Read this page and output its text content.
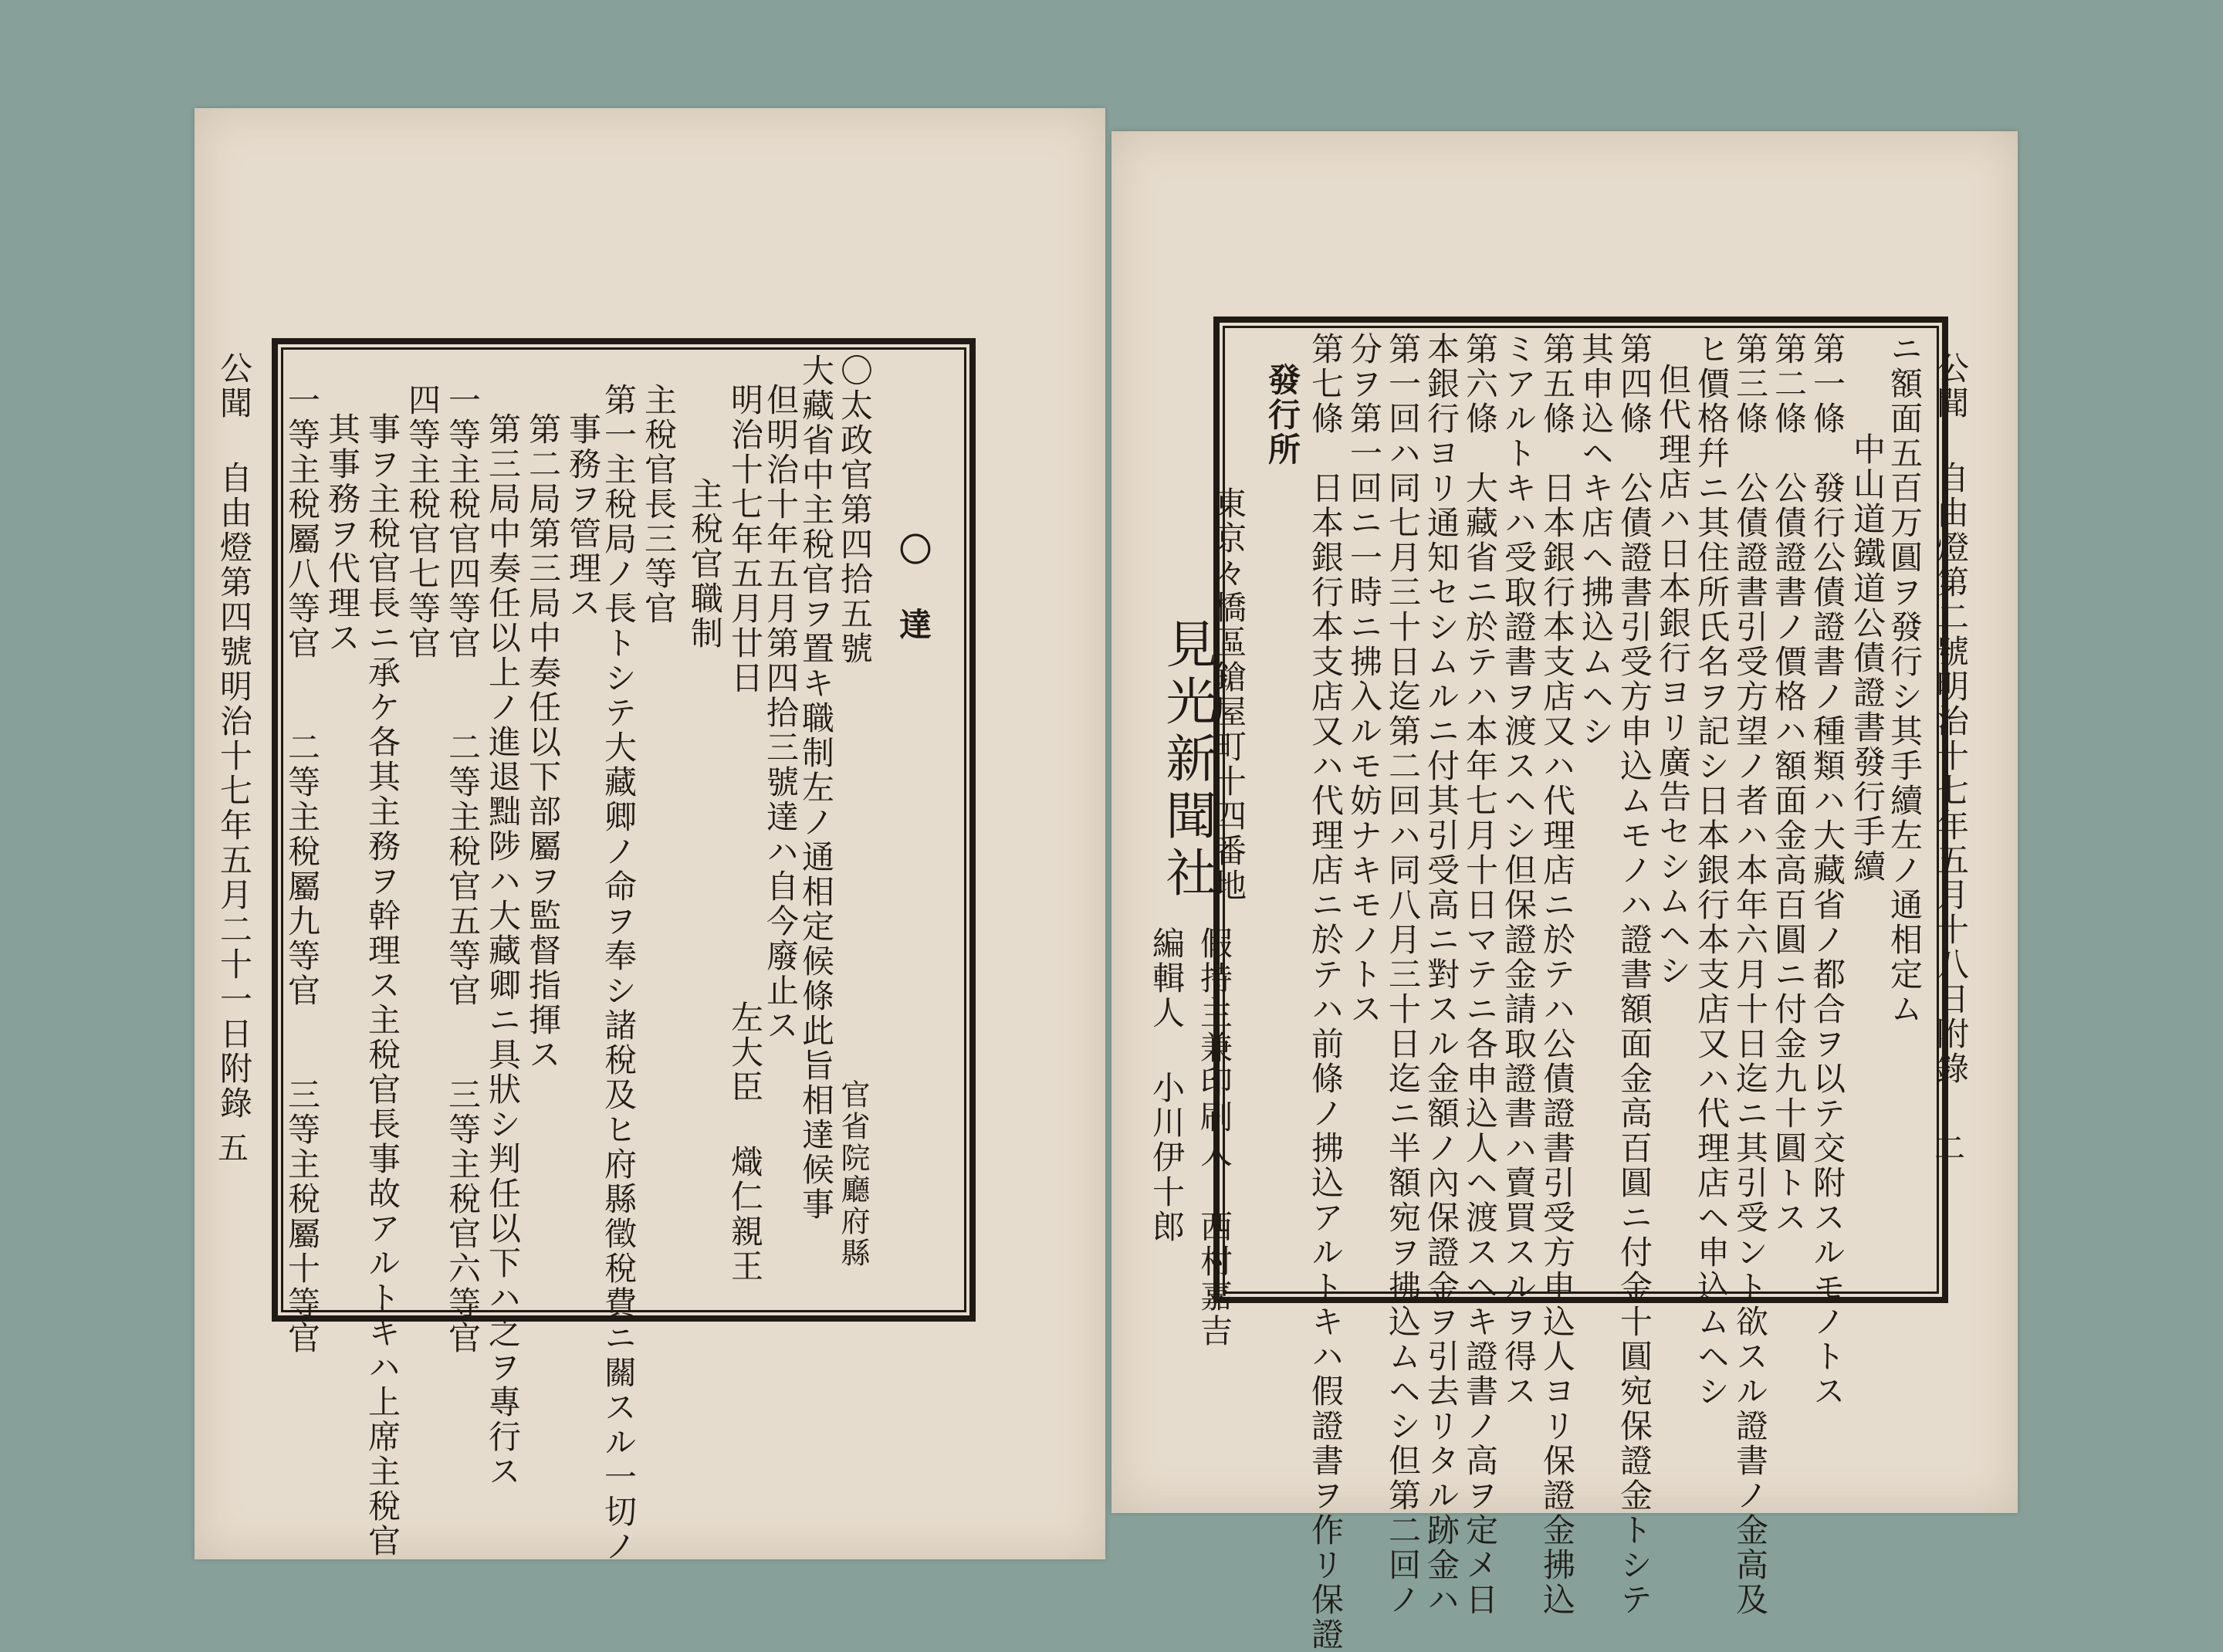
公聞 自由燈第四號明治十七年五月二十一日附錄
五
〇 達
〇太政官第四拾五號
大藏省中主稅官ヲ置キ職制左ノ通相定候條此旨相達候事
但明治十年五月第四拾三號達ハ自今廢止ス
明治十七年五月廿日
官省院廳府縣
左大臣 熾仁親王
主稅官職制
主稅官長三等官
第一主稅局ノ長トシテ大藏卿ノ命ヲ奉シ諸稅及ヒ府縣徵稅費ニ關スル一切ノ
事務ヲ管理ス
第二局第三局中奏任以下部屬ヲ監督指揮ス
第三局中奏任以上ノ進退黜陟ハ大藏卿ニ具狀シ判任以下ハ之ヲ專行ス
一等主稅官四等官　　二等主稅官五等官　　三等主稅官六等官
四等主稅官七等官
事ヲ主稅官長ニ承ケ各其主務ヲ幹理ス主稅官長事故アルトキハ上席主稅官
其事務ヲ代理ス
一等主稅屬八等官　　二等主稅屬九等官　　三等主稅屬十等官	公聞 自由燈第二號明治十七年五月十八日附錄
二
ニ額面五百万圓ヲ發行シ其手續左ノ通相定ム
中山道鐵道公債證書發行手續
第一條　發行公債證書ノ種類ハ大藏省ノ都合ヲ以テ交附スルモノトス
第二條　公債證書ノ價格ハ額面金高百圓ニ付金九十圓トス
第三條　公債證書引受方望ノ者ハ本年六月十日迄ニ其引受ント欲スル證書ノ金高及
ヒ價格幷ニ其住所氏名ヲ記シ日本銀行本支店又ハ代理店ヘ申込ムヘシ
但代理店ハ日本銀行ヨリ廣告セシムヘシ
第四條　公債證書引受方申込ムモノハ證書額面金高百圓ニ付金十圓宛保證金トシテ
其申込ヘキ店ヘ拂込ムヘシ
第五條　日本銀行本支店又ハ代理店ニ於テハ公債證書引受方申込人ヨリ保證金拂込
ミアルトキハ受取證書ヲ渡スヘシ但保證金請取證書ハ賣買スルヲ得ス
第六條　大藏省ニ於テハ本年七月十日マテニ各申込人ヘ渡スヘキ證書ノ高ヲ定メ日
本銀行ヨリ通知セシムルニ付其引受高ニ對スル金額ノ內保證金ヲ引去リタル跡金ハ
第一回ハ同七月三十日迄第二回ハ同八月三十日迄ニ半額宛ヲ拂込ムヘシ但第二回ノ
分ヲ第一回ニ一時ニ拂入ルモ妨ナキモノトス
第七條　日本銀行本支店又ハ代理店ニ於テハ前條ノ拂込アルトキハ假證書ヲ作リ保證
發行所
東京々橋區鎗屋町十四番地
見光新聞社
假持主兼印刷人 西村嘉吉
編輯人 小川伊十郎
